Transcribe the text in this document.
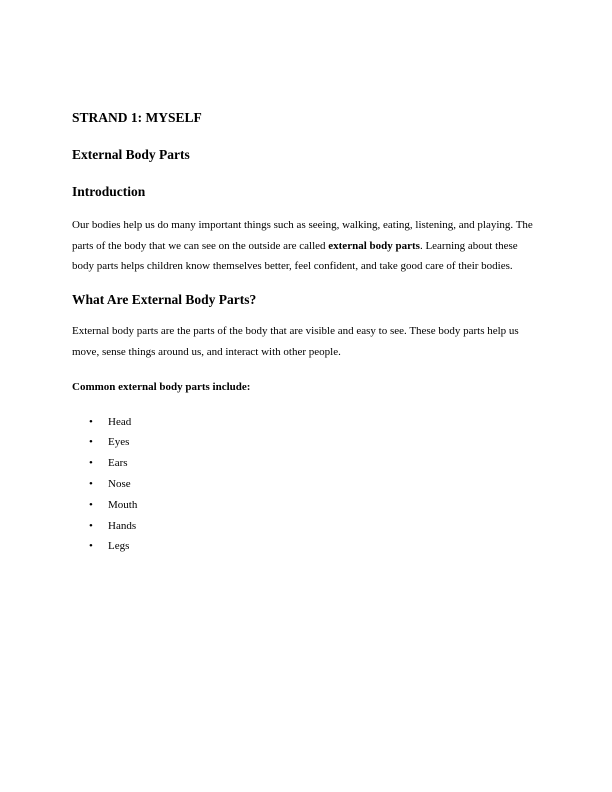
STRAND 1: MYSELF

External Body Parts

Introduction

Our bodies help us do many important things such as seeing, walking, eating, listening, and playing. The parts of the body that we can see on the outside are called external body parts. Learning about these body parts helps children know themselves better, feel confident, and take good care of their bodies.

What Are External Body Parts?

External body parts are the parts of the body that are visible and easy to see. These body parts help us move, sense things around us, and interact with other people.

Common external body parts include:

• Head
• Eyes
• Ears
• Nose
• Mouth
• Hands
• Legs
